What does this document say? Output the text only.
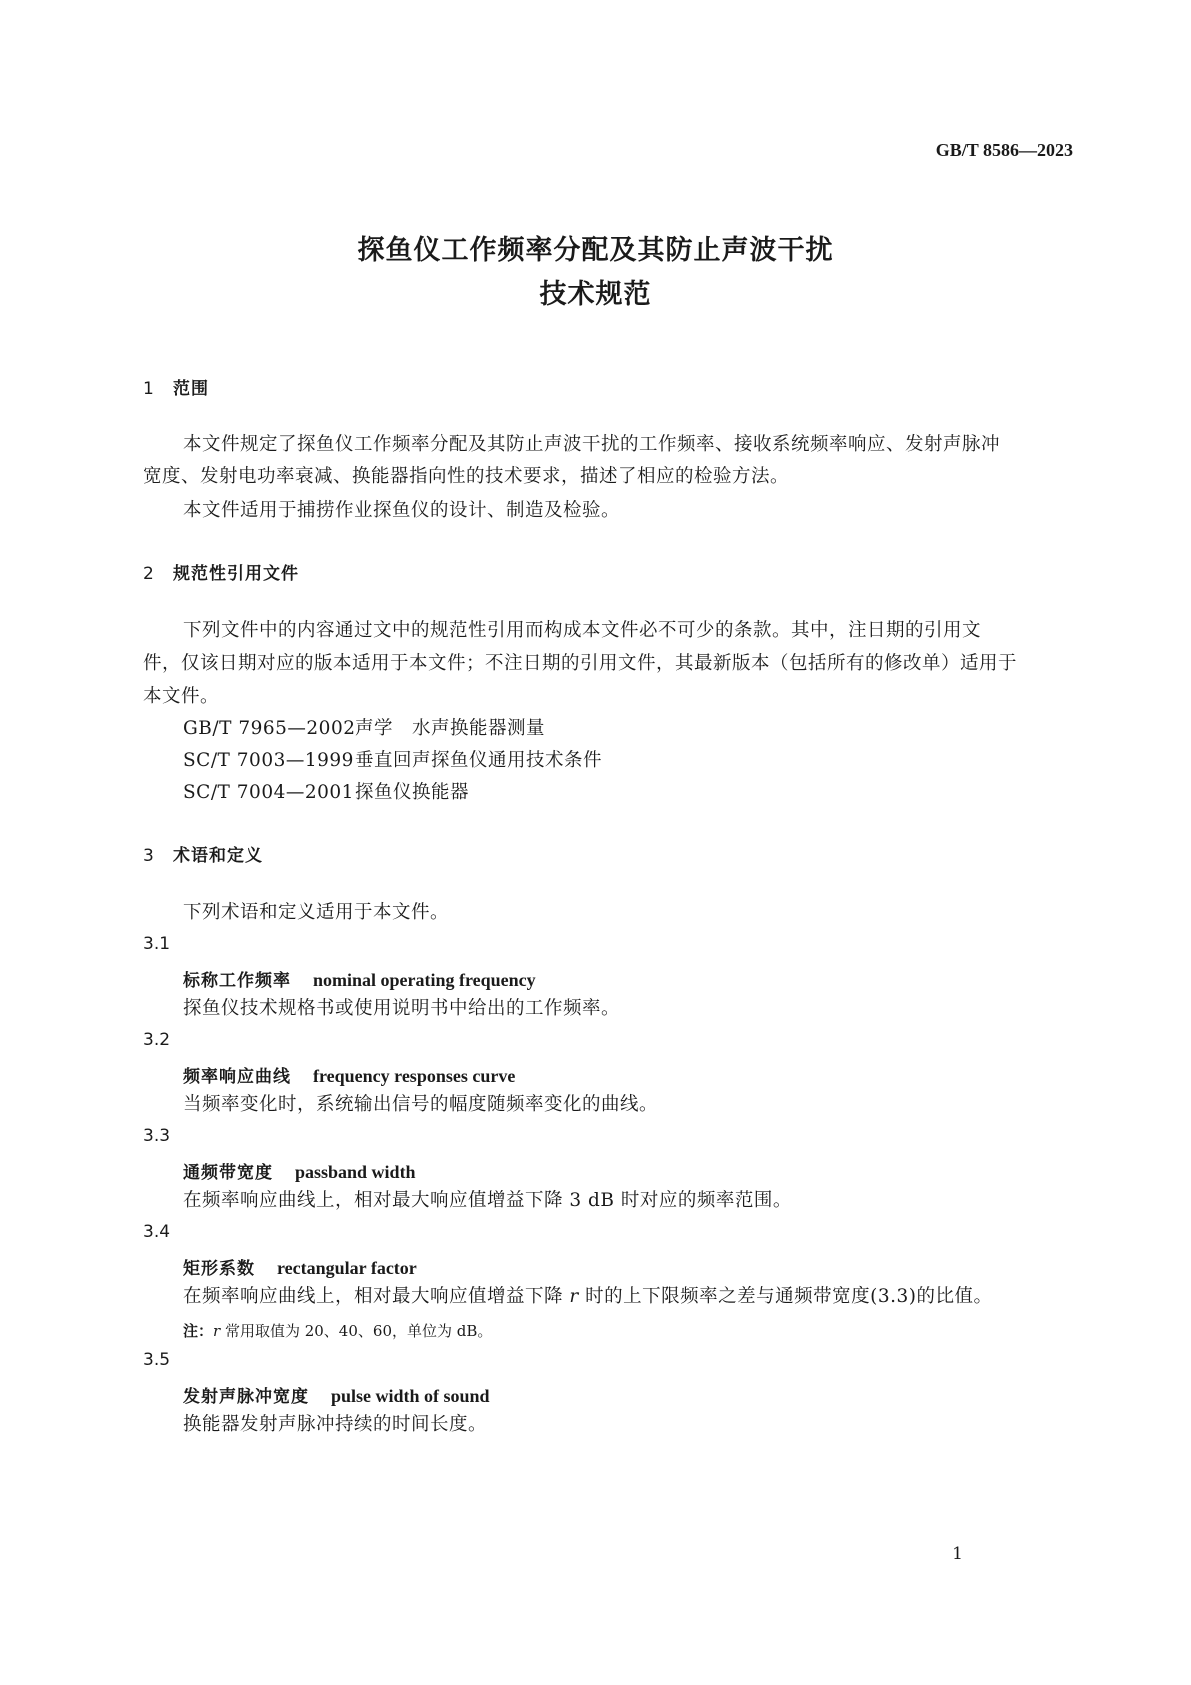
GB/T 8586—2023
探鱼仪工作频率分配及其防止声波干扰
技术规范
1 范围
本文件规定了探鱼仪工作频率分配及其防止声波干扰的工作频率、接收系统频率响应、发射声脉冲
宽度、发射电功率衰减、换能器指向性的技术要求，描述了相应的检验方法。
本文件适用于捕捞作业探鱼仪的设计、制造及检验。
2 规范性引用文件
下列文件中的内容通过文中的规范性引用而构成本文件必不可少的条款。其中，注日期的引用文
件，仅该日期对应的版本适用于本文件；不注日期的引用文件，其最新版本（包括所有的修改单）适用于
本文件。
GB/T 7965—2002声学　水声换能器测量
SC/T 7003—1999垂直回声探鱼仪通用技术条件
SC/T 7004—2001探鱼仪换能器
3 术语和定义
下列术语和定义适用于本文件。
3.1
标称工作频率 nominal operating frequency
探鱼仪技术规格书或使用说明书中给出的工作频率。
3.2
频率响应曲线 frequency responses curve
当频率变化时，系统输出信号的幅度随频率变化的曲线。
3.3
通频带宽度 passband width
在频率响应曲线上，相对最大响应值增益下降 3 dB 时对应的频率范围。
3.4
矩形系数 rectangular factor
在频率响应曲线上，相对最大响应值增益下降 r 时的上下限频率之差与通频带宽度(3.3)的比值。
注：r 常用取值为 20、40、60，单位为 dB。
3.5
发射声脉冲宽度 pulse width of sound
换能器发射声脉冲持续的时间长度。
1
